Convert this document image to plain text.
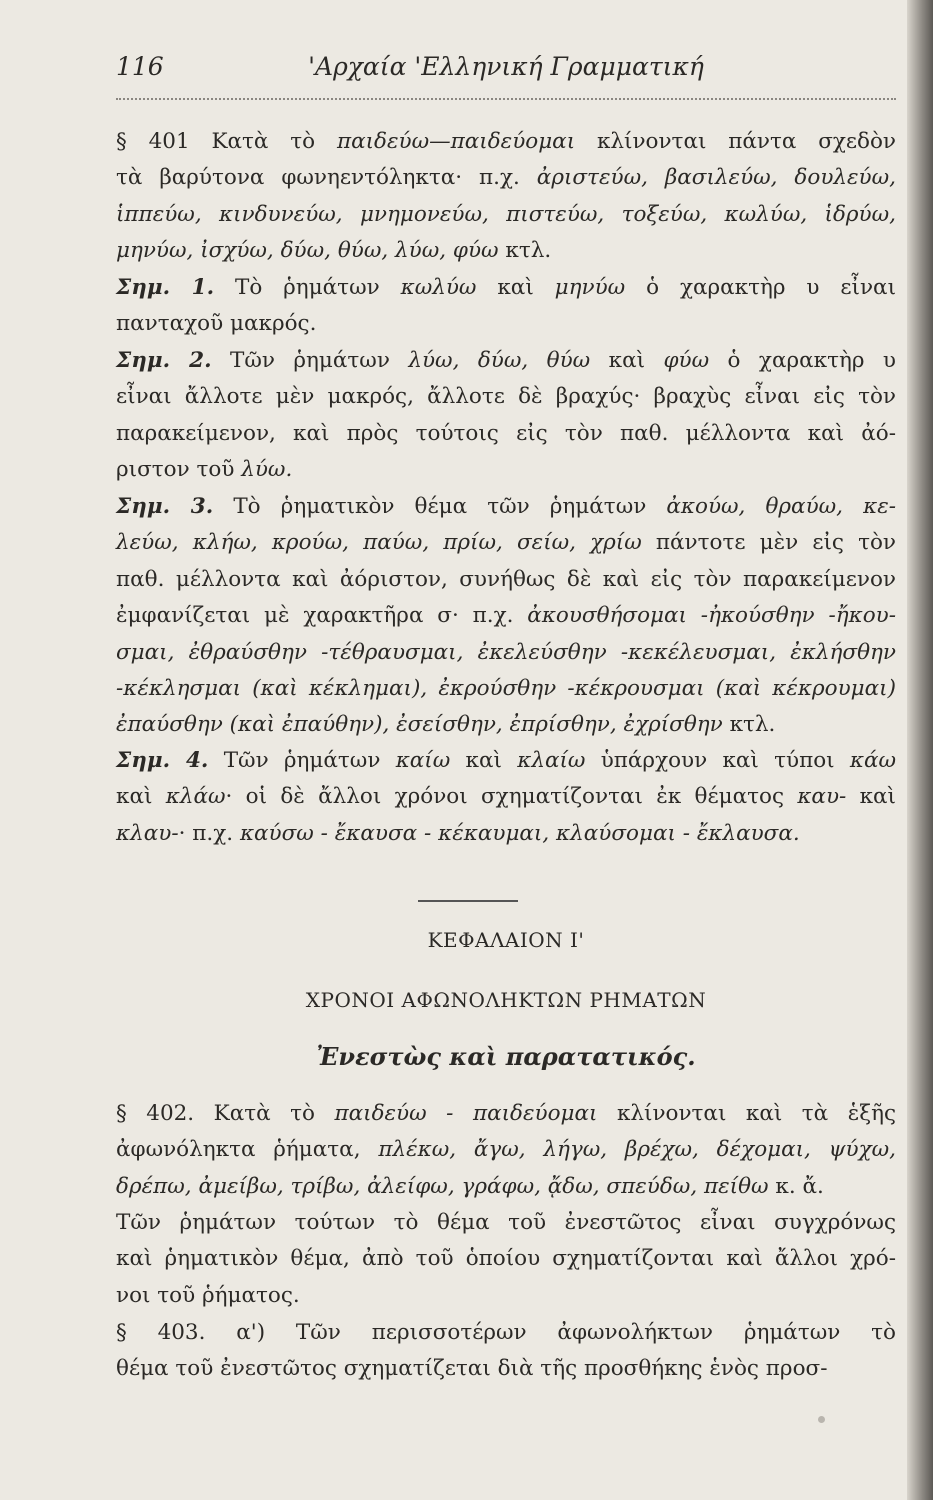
116	'Αρχαία 'Ελληνική Γραμματική
§ 401 Κατὰ τὸ παιδεύω—παιδεύομαι κλίνονται πάντα σχεδὸν
τὰ βαρύτονα φωνηεντόληκτα· π.χ. ἀριστεύω, βασιλεύω, δουλεύω,
ἱππεύω, κινδυνεύω, μνημονεύω, πιστεύω, τοξεύω, κωλύω, ἱδρύω,
μηνύω, ἰσχύω, δύω, θύω, λύω, φύω κτλ.
Σημ. 1. Τὸ ῥημάτων κωλύω καὶ μηνύω ὁ χαρακτὴρ υ εἶναι
πανταχοῦ μακρός.
Σημ. 2. Τῶν ῥημάτων λύω, δύω, θύω καὶ φύω ὁ χαρακτὴρ υ
εἶναι ἄλλοτε μὲν μακρός, ἄλλοτε δὲ βραχύς· βραχὺς εἶναι εἰς τὸν
παρακείμενον, καὶ πρὸς τούτοις εἰς τὸν παθ. μέλλοντα καὶ ἀό-
ριστον τοῦ λύω.
Σημ. 3. Τὸ ῥηματικὸν θέμα τῶν ῥημάτων ἀκούω, θραύω, κε-
λεύω, κλήω, κρούω, παύω, πρίω, σείω, χρίω πάντοτε μὲν εἰς τὸν
παθ. μέλλοντα καὶ ἀόριστον, συνήθως δὲ καὶ εἰς τὸν παρακείμενον
ἐμφανίζεται μὲ χαρακτῆρα σ· π.χ. ἀκουσθήσομαι -ἠκούσθην -ἤκου-
σμαι, ἐθραύσθην -τέθραυσμαι, ἐκελεύσθην -κεκέλευσμαι, ἐκλήσθην
-κέκλησμαι (καὶ κέκλημαι), ἐκρούσθην -κέκρουσμαι (καὶ κέκρουμαι)
ἐπαύσθην (καὶ ἐπαύθην), ἐσείσθην, ἐπρίσθην, ἐχρίσθην κτλ.
Σημ. 4. Τῶν ῥημάτων καίω καὶ κλαίω ὑπάρχουν καὶ τύποι κάω
καὶ κλάω· οἱ δὲ ἄλλοι χρόνοι σχηματίζονται ἐκ θέματος καυ- καὶ
κλαυ-· π.χ. καύσω - ἔκαυσα - κέκαυμαι, κλαύσομαι - ἔκλαυσα.
ΚΕΦΑΛΑΙΟΝ Ι'
ΧΡΟΝΟΙ ΑΦΩΝΟΛΗΚΤΩΝ ΡΗΜΑΤΩΝ
Ἐνεστὼς καὶ παρατατικός.
§ 402. Κατὰ τὸ παιδεύω - παιδεύομαι κλίνονται καὶ τὰ ἑξῆς
ἀφωνόληκτα ῥήματα, πλέκω, ἄγω, λήγω, βρέχω, δέχομαι, ψύχω,
δρέπω, ἀμείβω, τρίβω, ἀλείφω, γράφω, ᾄδω, σπεύδω, πείθω κ. ἄ.
Τῶν ῥημάτων τούτων τὸ θέμα τοῦ ἐνεστῶτος εἶναι συγχρόνως
καὶ ῥηματικὸν θέμα, ἀπὸ τοῦ ὁποίου σχηματίζονται καὶ ἄλλοι χρό-
νοι τοῦ ῥήματος.
§ 403. α') Τῶν περισσοτέρων ἀφωνολήκτων ῥημάτων τὸ
θέμα τοῦ ἐνεστῶτος σχηματίζεται διὰ τῆς προσθήκης ἑνὸς προσ-
